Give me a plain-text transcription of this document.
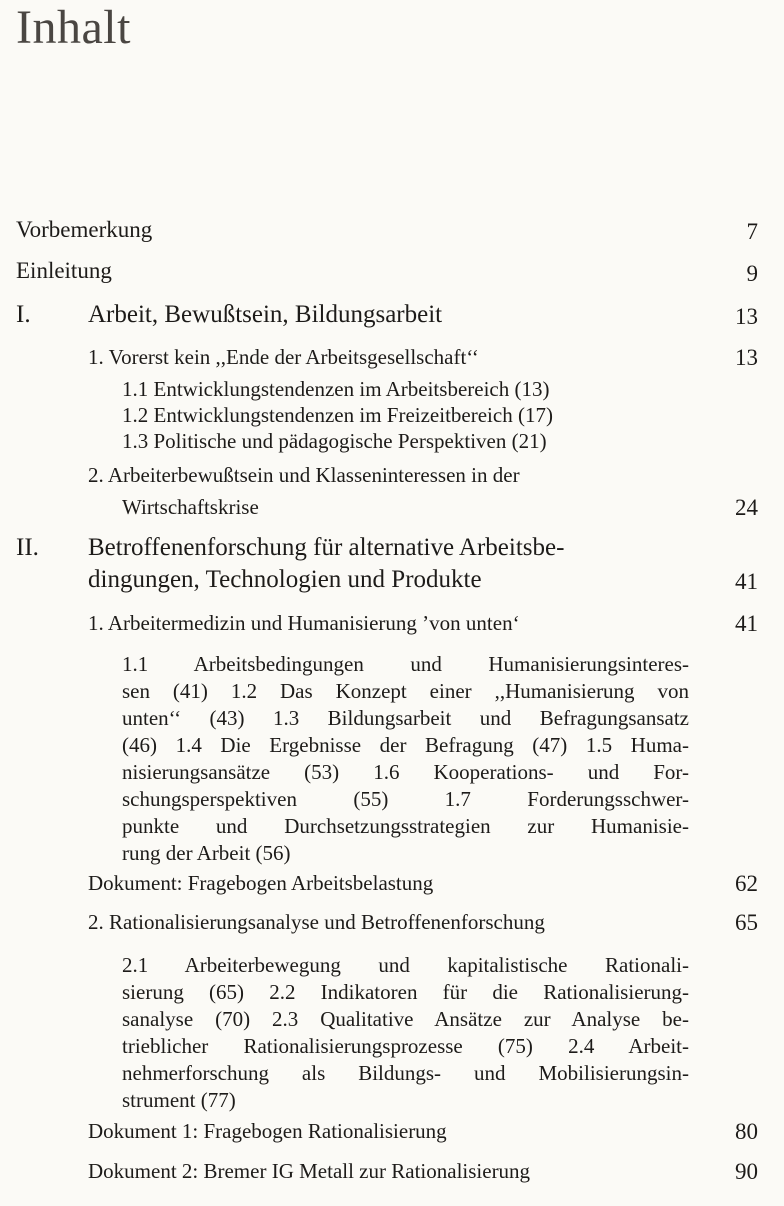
Inhalt
Vorbemerkung	7
Einleitung	9
I. Arbeit, Bewußtsein, Bildungsarbeit	13
1. Vorerst kein ,,Ende der Arbeitsgesellschaft‘‘	13
1.1 Entwicklungstendenzen im Arbeitsbereich (13)
1.2 Entwicklungstendenzen im Freizeitbereich (17)
1.3 Politische und pädagogische Perspektiven (21)
2. Arbeiterbewußtsein und Klasseninteressen in der
Wirtschaftskrise	24
II. Betroffenenforschung für alternative Arbeitsbe-
dingungen, Technologien und Produkte	41
1. Arbeitermedizin und Humanisierung ’von unten‘	41
1.1 Arbeitsbedingungen und Humanisierungsinteres-
sen (41) 1.2 Das Konzept einer ,,Humanisierung von
unten‘‘ (43) 1.3 Bildungsarbeit und Befragungsansatz
(46) 1.4 Die Ergebnisse der Befragung (47) 1.5 Huma-
nisierungsansätze (53) 1.6 Kooperations- und For-
schungsperspektiven (55) 1.7 Forderungsschwer-
punkte und Durchsetzungsstrategien zur Humanisie-
rung der Arbeit (56)
Dokument: Fragebogen Arbeitsbelastung	62
2. Rationalisierungsanalyse und Betroffenenforschung	65
2.1 Arbeiterbewegung und kapitalistische Rationali-
sierung (65) 2.2 Indikatoren für die Rationalisierung-
sanalyse (70) 2.3 Qualitative Ansätze zur Analyse be-
trieblicher Rationalisierungsprozesse (75) 2.4 Arbeit-
nehmerforschung als Bildungs- und Mobilisierungsin-
strument (77)
Dokument 1: Fragebogen Rationalisierung	80
Dokument 2: Bremer IG Metall zur Rationalisierung	90
